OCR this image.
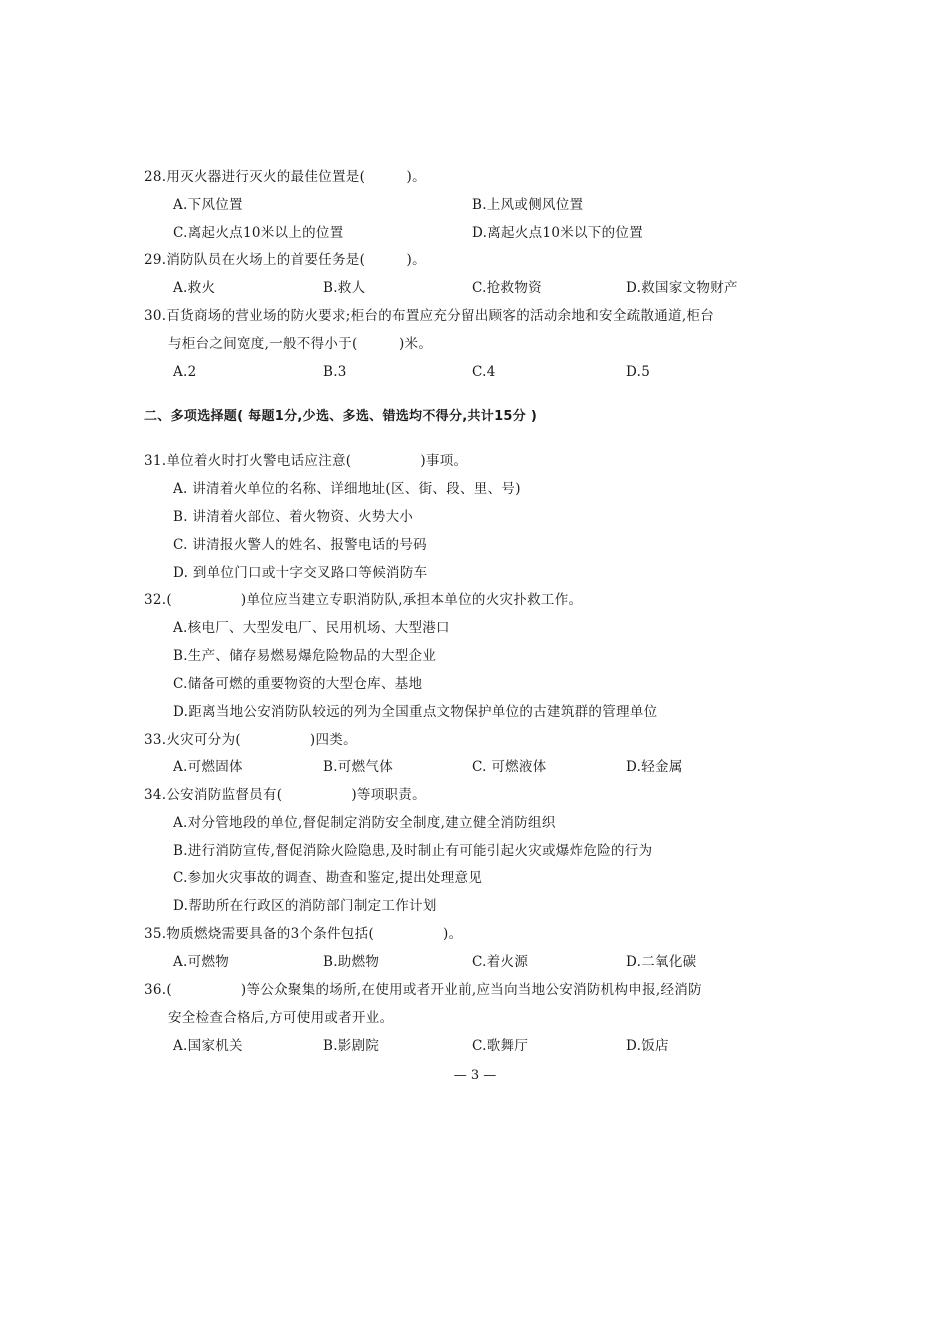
28.用灭火器进行灭火的最佳位置是(　　　)。
A.下风位置	B.上风或侧风位置
C.离起火点10米以上的位置	D.离起火点10米以下的位置
29.消防队员在火场上的首要任务是(　　　)。
A.救火	B.救人	C.抢救物资	D.救国家文物财产
30.百货商场的营业场的防火要求;柜台的布置应充分留出顾客的活动余地和安全疏散通道,柜台
与柜台之间宽度,一般不得小于(　　　)米。
A.2	B.3	C.4	D.5
二、多项选择题( 每题1分,少选、多选、错选均不得分,共计15分 )
31.单位着火时打火警电话应注意(　　　　　)事项。
A. 讲清着火单位的名称、详细地址(区、街、段、里、号)
B. 讲清着火部位、着火物资、火势大小
C. 讲清报火警人的姓名、报警电话的号码
D. 到单位门口或十字交叉路口等候消防车
32.(　　　　　)单位应当建立专职消防队,承担本单位的火灾扑救工作。
A.核电厂、大型发电厂、民用机场、大型港口
B.生产、储存易燃易爆危险物品的大型企业
C.储备可燃的重要物资的大型仓库、基地
D.距离当地公安消防队较远的列为全国重点文物保护单位的古建筑群的管理单位
33.火灾可分为(　　　　　)四类。
A.可燃固体	B.可燃气体	C. 可燃液体	D.轻金属
34.公安消防监督员有(　　　　　)等项职责。
A.对分管地段的单位,督促制定消防安全制度,建立健全消防组织
B.进行消防宣传,督促消除火险隐患,及时制止有可能引起火灾或爆炸危险的行为
C.参加火灾事故的调查、勘查和鉴定,提出处理意见
D.帮助所在行政区的消防部门制定工作计划
35.物质燃烧需要具备的3个条件包括(　　　　　)。
A.可燃物	B.助燃物	C.着火源	D.二氧化碳
36.(　　　　　)等公众聚集的场所,在使用或者开业前,应当向当地公安消防机构申报,经消防
安全检查合格后,方可使用或者开业。
A.国家机关	B.影剧院	C.歌舞厅	D.饭店
— 3 —
